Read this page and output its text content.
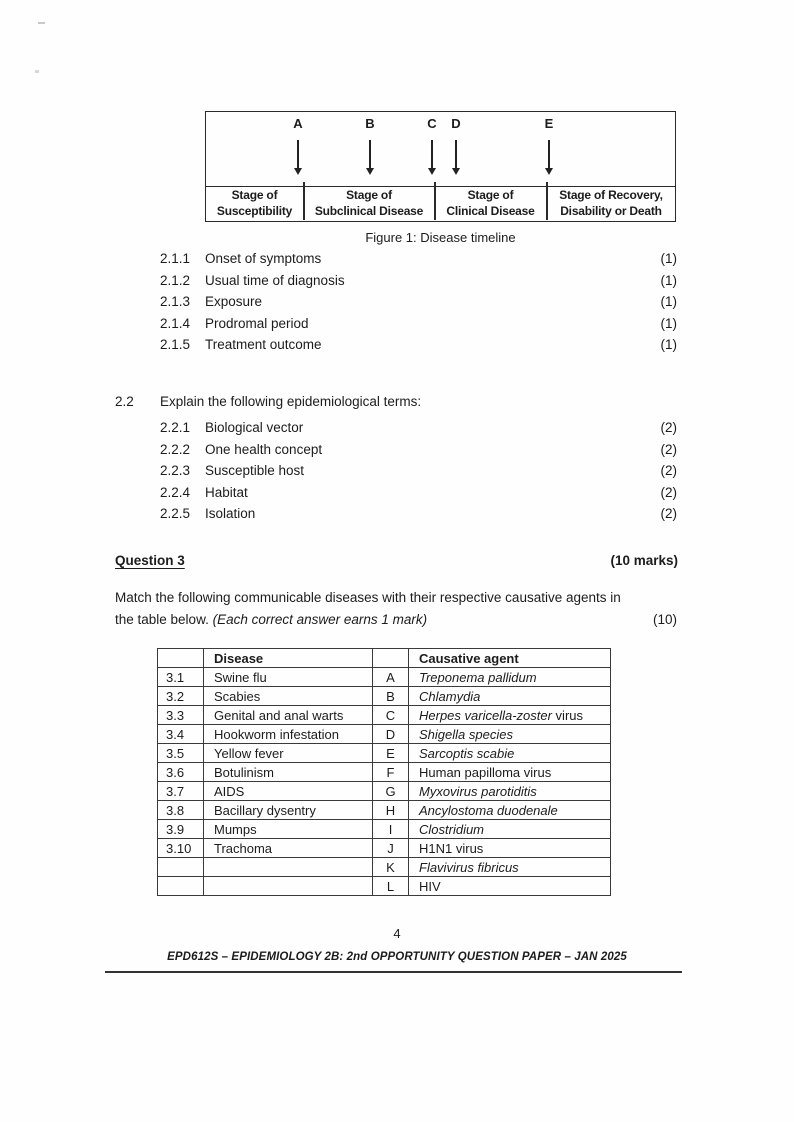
A	B	C D	E
Stage of
Susceptibility
Stage of
Subclinical Disease
Stage of
Clinical Disease
Stage of Recovery,
Disability or Death
Figure 1: Disease timeline
2.1.1	Onset of symptoms	(1)
2.1.2	Usual time of diagnosis	(1)
2.1.3	Exposure	(1)
2.1.4	Prodromal period	(1)
2.1.5	Treatment outcome	(1)
2.2	Explain the following epidemiological terms:
2.2.1	Biological vector	(2)
2.2.2	One health concept	(2)
2.2.3	Susceptible host	(2)
2.2.4	Habitat	(2)
2.2.5	Isolation	(2)
Question 3	(10 marks)
Match the following communicable diseases with their respective causative agents in
the table below. (Each correct answer earns 1 mark)	(10)
	Disease		Causative agent
3.1	Swine flu	A	Treponema pallidum
3.2	Scabies	B	Chlamydia
3.3	Genital and anal warts	C	Herpes varicella-zoster virus
3.4	Hookworm infestation	D	Shigella species
3.5	Yellow fever	E	Sarcoptis scabie
3.6	Botulinism	F	Human papilloma virus
3.7	AIDS	G	Myxovirus parotiditis
3.8	Bacillary dysentry	H	Ancylostoma duodenale
3.9	Mumps	I	Clostridium
3.10	Trachoma	J	H1N1 virus
		K	Flavivirus fibricus
		L	HIV
4
EPD612S – EPIDEMIOLOGY 2B: 2nd OPPORTUNITY QUESTION PAPER – JAN 2025
